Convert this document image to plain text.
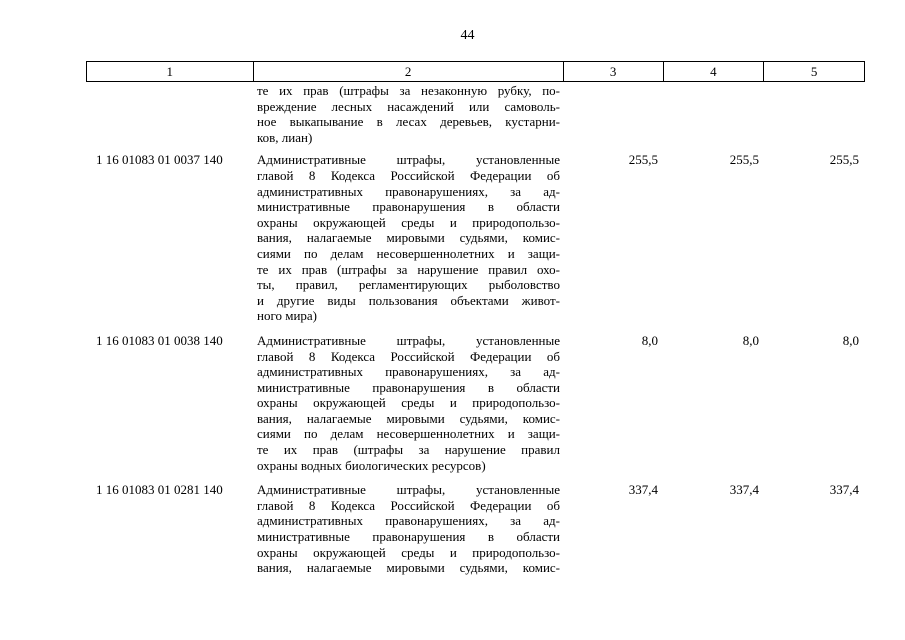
44
1	2	3	4	5
те их прав (штрафы за незаконную рубку, по-
вреждение лесных насаждений или самоволь-
ное выкапывание в лесах деревьев, кустарни-
ков, лиан)
1 16 01083 01 0037 140	Административные штрафы, установленные
главой 8 Кодекса Российской Федерации об
административных правонарушениях, за ад-
министративные правонарушения в области
охраны окружающей среды и природопользо-
вания, налагаемые мировыми судьями, комис-
сиями по делам несовершеннолетних и защи-
те их прав (штрафы за нарушение правил охо-
ты, правил, регламентирующих рыболовство
и другие виды пользования объектами живот-
ного мира)
255,5	255,5	255,5
1 16 01083 01 0038 140	Административные штрафы, установленные
главой 8 Кодекса Российской Федерации об
административных правонарушениях, за ад-
министративные правонарушения в области
охраны окружающей среды и природопользо-
вания, налагаемые мировыми судьями, комис-
сиями по делам несовершеннолетних и защи-
те их прав (штрафы за нарушение правил
охраны водных биологических ресурсов)
8,0	8,0	8,0
1 16 01083 01 0281 140	Административные штрафы, установленные
главой 8 Кодекса Российской Федерации об
административных правонарушениях, за ад-
министративные правонарушения в области
охраны окружающей среды и природопользо-
вания, налагаемые мировыми судьями, комис-
337,4	337,4	337,4
